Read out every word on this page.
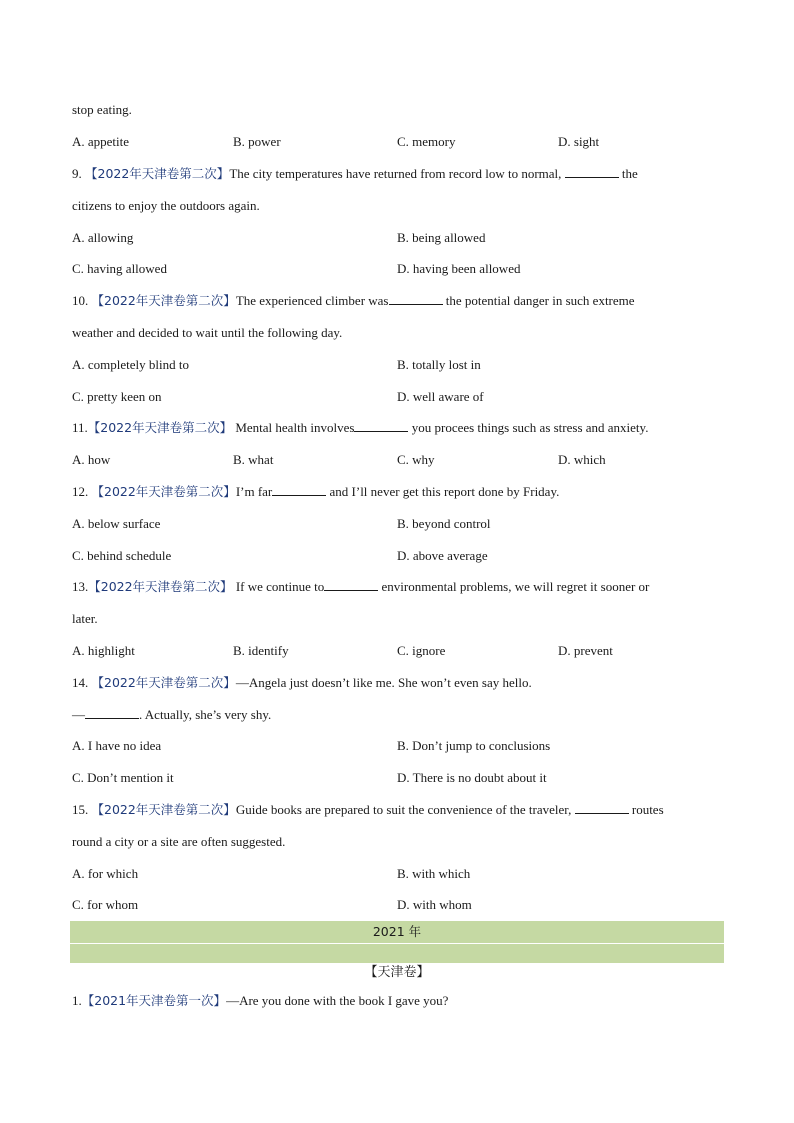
stop eating.
A. appetite	B. power	C. memory	D. sight
9. 【2022年天津卷第二次】The city temperatures have returned from record low to normal,	the
citizens to enjoy the outdoors again.
A. allowing	B. being allowed
C. having allowed	D. having been allowed
10. 【2022年天津卷第二次】The experienced climber was	the potential danger in such extreme
weather and decided to wait until the following day.
A. completely blind to	B. totally lost in
C. pretty keen on	D. well aware of
11.【2022年天津卷第二次】 Mental health involves	you procees things such as stress and anxiety.
A. how	B. what	C. why	D. which
12. 【2022年天津卷第二次】I’m far	and I’ll never get this report done by Friday.
A. below surface	B. beyond control
C. behind schedule	D. above average
13.【2022年天津卷第二次】 If we continue to	environmental problems, we will regret it sooner or
later.
A. highlight	B. identify	C. ignore	D. prevent
14. 【2022年天津卷第二次】—Angela just doesn’t like me. She won’t even say hello.
—	. Actually, she’s very shy.
A. I have no idea	B. Don’t jump to conclusions
C. Don’t mention it	D. There is no doubt about it
15. 【2022年天津卷第二次】Guide books are prepared to suit the convenience of the traveler,	routes
round a city or a site are often suggested.
A. for which	B. with which
C. for whom	D. with whom
2021 年
【天津卷】
1.【2021年天津卷第一次】—Are you done with the book I gave you?
